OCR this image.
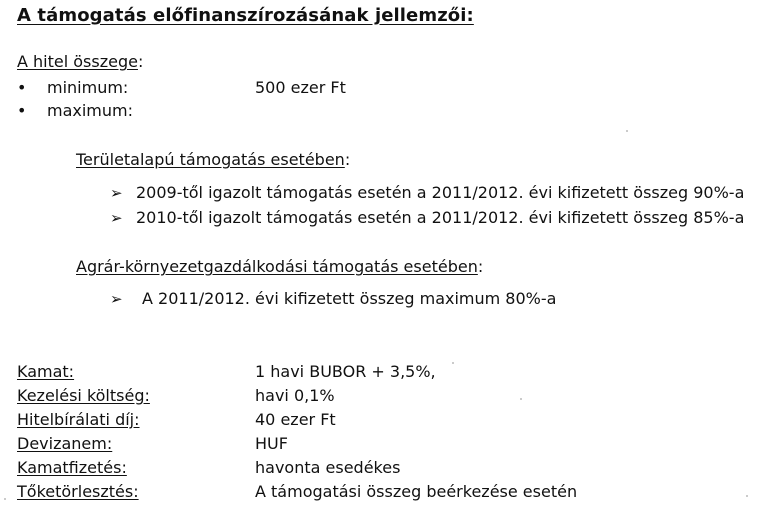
A támogatás előfinanszírozásának jellemzői:
A hitel összege:
• minimum:	500 ezer Ft
• maximum:
Területalapú támogatás esetében:
➢ 2009-től igazolt támogatás esetén a 2011/2012. évi kifizetett összeg 90%-a
➢ 2010-től igazolt támogatás esetén a 2011/2012. évi kifizetett összeg 85%-a
Agrár-környezetgazdálkodási támogatás esetében:
➢ A 2011/2012. évi kifizetett összeg maximum 80%-a
Kamat:	1 havi BUBOR + 3,5%,
Kezelési költség:	havi 0,1%
Hitelbírálati díj:	40 ezer Ft
Devizanem:	HUF
Kamatfizetés:	havonta esedékes
Tőketörlesztés:	A támogatási összeg beérkezése esetén
